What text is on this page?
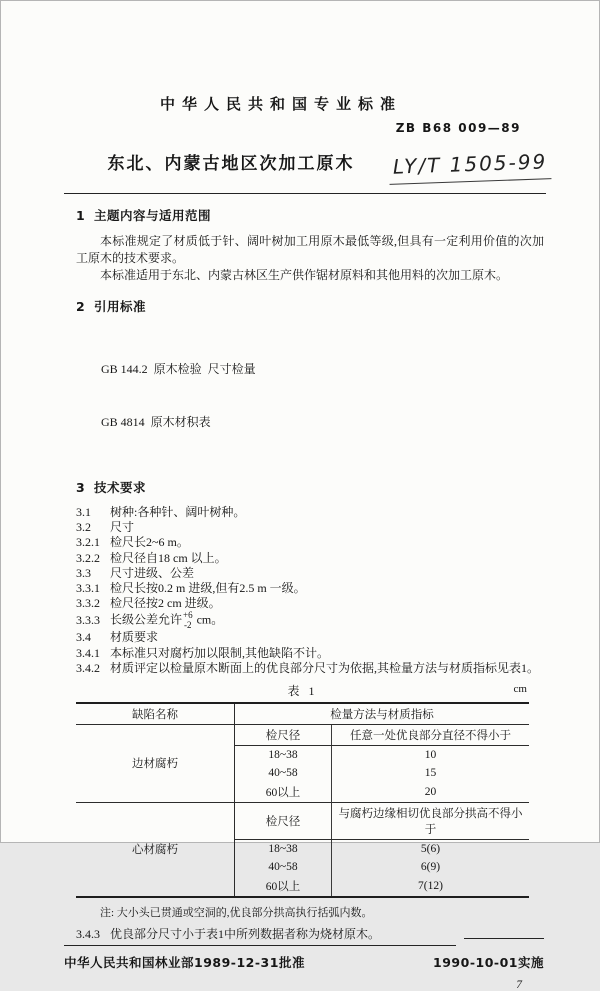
中华人民共和国专业标准
ZB B68 009—89
东北、内蒙古地区次加工原木	LY/T 1505-99
1 主题内容与适用范围
本标准规定了材质低于针、阔叶树加工用原木最低等级,但具有一定利用价值的次加工原木的技术要求。
本标准适用于东北、内蒙古林区生产供作锯材原料和其他用料的次加工原木。
2 引用标准

GB 144.2  原木检验  尺寸检量

GB 4814  原木材积表

3 技术要求
3.1 树种:各种针、阔叶树种。
3.2 尺寸
3.2.1 检尺长2~6 m。
3.2.2 检尺径自18 cm 以上。
3.3 尺寸进级、公差
3.3.1 检尺长按0.2 m 进级,但有2.5 m 一级。
3.3.2 检尺径按2 cm 进级。
3.3.3 长级公差允许 +6
-2 cm。
3.4 材质要求
3.4.1 本标准只对腐朽加以限制,其他缺陷不计。
3.4.2 材质评定以检量原木断面上的优良部分尺寸为依据,其检量方法与材质指标见表1。
表 1	cm
缺陷名称	检量方法与材质指标	
边材腐朽	检尺径	任意一处优良部分直径不得小于
	18~38	10
	40~58	15
	60以上	20
心材腐朽	检尺径	与腐朽边缘相切优良部分拱高不得小于
	18~38	5(6)
	40~58	6(9)
	60以上	7(12)
注: 大小头已贯通或空洞的,优良部分拱高执行括弧内数。
3.4.3 优良部分尺寸小于表1中所列数据者称为烧材原木。
中华人民共和国林业部1989-12-31批准	1990-10-01实施
7
